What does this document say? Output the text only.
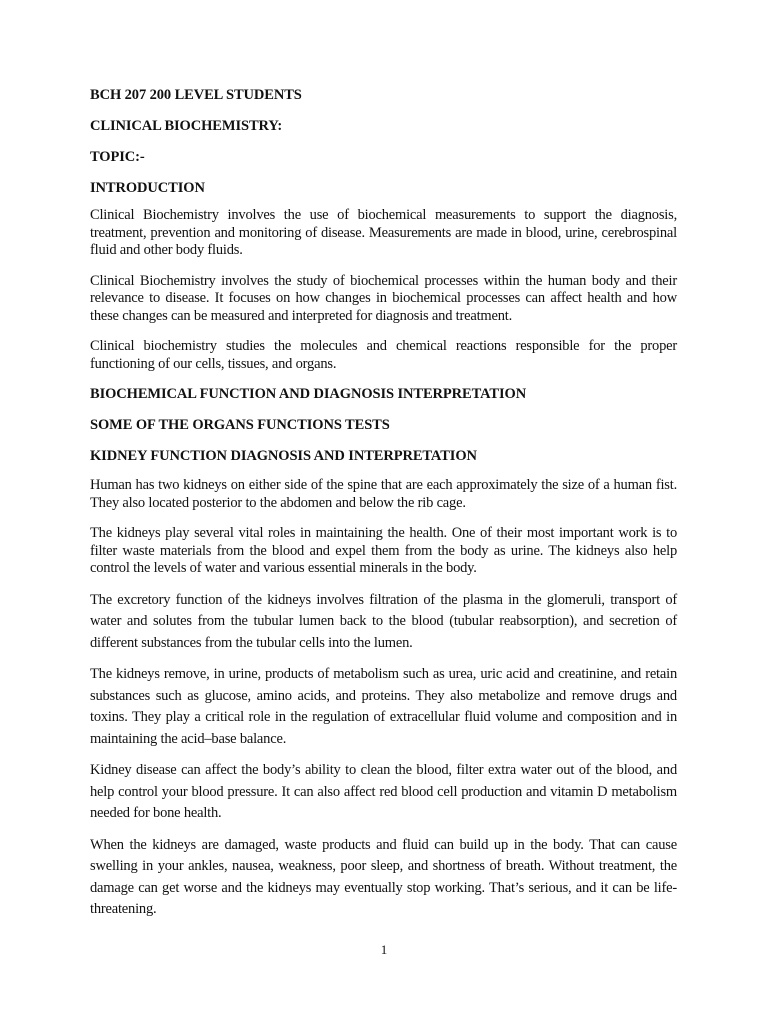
BCH 207 200 LEVEL STUDENTS

CLINICAL BIOCHEMISTRY:

TOPIC:-

INTRODUCTION

Clinical Biochemistry involves the use of biochemical measurements to support the diagnosis, treatment, prevention and monitoring of disease. Measurements are made in blood, urine, cerebrospinal fluid and other body fluids.

Clinical Biochemistry involves the study of biochemical processes within the human body and their relevance to disease. It focuses on how changes in biochemical processes can affect health and how these changes can be measured and interpreted for diagnosis and treatment.

Clinical biochemistry studies the molecules and chemical reactions responsible for the proper functioning of our cells, tissues, and organs.

BIOCHEMICAL FUNCTION AND DIAGNOSIS INTERPRETATION

SOME OF THE ORGANS FUNCTIONS TESTS

KIDNEY FUNCTION DIAGNOSIS AND INTERPRETATION

Human has two kidneys on either side of the spine that are each approximately the size of a human fist. They also located posterior to the abdomen and below the rib cage.

The kidneys play several vital roles in maintaining the health. One of their most important work is to filter waste materials from the blood and expel them from the body as urine. The kidneys also help control the levels of water and various essential minerals in the body.

The excretory function of the kidneys involves filtration of the plasma in the glomeruli, transport of water and solutes from the tubular lumen back to the blood (tubular reabsorption), and secretion of different substances from the tubular cells into the lumen.

The kidneys remove, in urine, products of metabolism such as urea, uric acid and creatinine, and retain substances such as glucose, amino acids, and proteins. They also metabolize and remove drugs and toxins. They play a critical role in the regulation of extracellular fluid volume and composition and in maintaining the acid–base balance.

Kidney disease can affect the body’s ability to clean the blood, filter extra water out of the blood, and help control your blood pressure. It can also affect red blood cell production and vitamin D metabolism needed for bone health.

When the kidneys are damaged, waste products and fluid can build up in the body. That can cause swelling in your ankles, nausea, weakness, poor sleep, and shortness of breath. Without treatment, the damage can get worse and the kidneys may eventually stop working. That’s serious, and it can be life-threatening.

1
